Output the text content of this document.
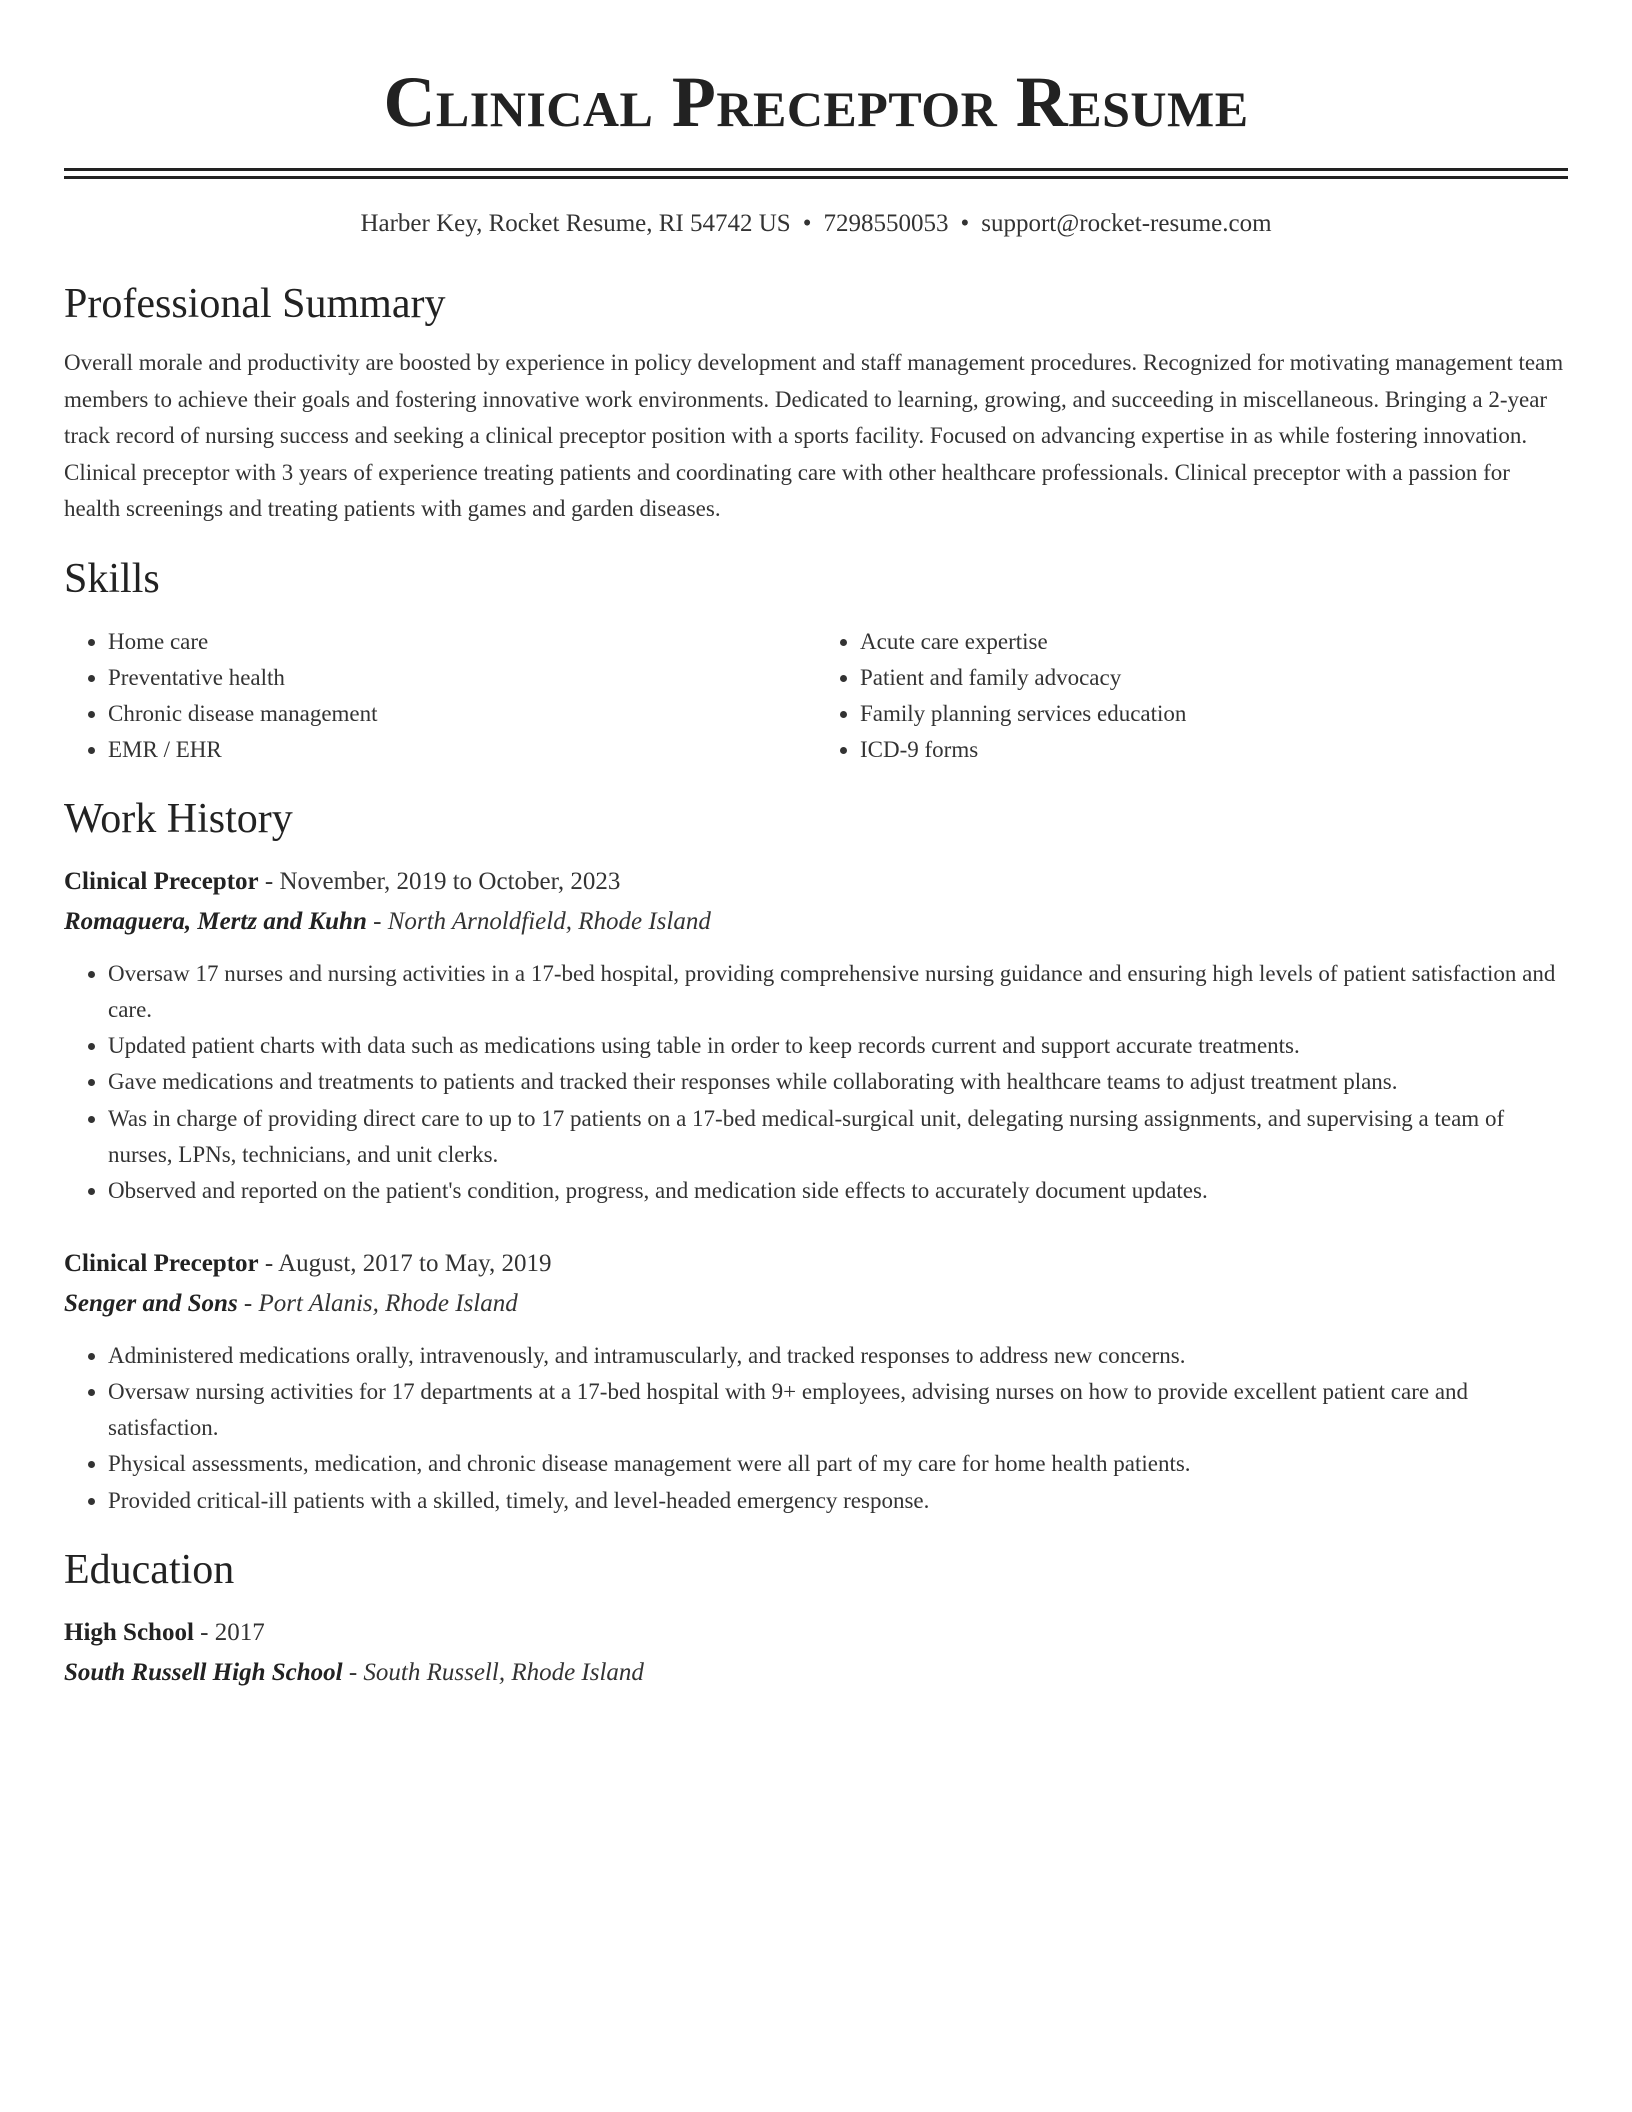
Clinical Preceptor Resume
Harber Key, Rocket Resume, RI 54742 US • 7298550053 • support@rocket-resume.com
Professional Summary

Overall morale and productivity are boosted by experience in policy development and staff management procedures. Recognized for motivating management team members to achieve their goals and fostering innovative work environments. Dedicated to learning, growing, and succeeding in miscellaneous. Bringing a 2-year track record of nursing success and seeking a clinical preceptor position with a sports facility. Focused on advancing expertise in as while fostering innovation. Clinical preceptor with 3 years of experience treating patients and coordinating care with other healthcare professionals. Clinical preceptor with a passion for health screenings and treating patients with games and garden diseases.

Skills
• Home care
• Preventative health
• Chronic disease management
• EMR / EHR
• Acute care expertise
• Patient and family advocacy
• Family planning services education
• ICD-9 forms
Work History
Clinical Preceptor - November, 2019 to October, 2023
Romaguera, Mertz and Kuhn - North Arnoldfield, Rhode Island
• Oversaw 17 nurses and nursing activities in a 17-bed hospital, providing comprehensive nursing guidance and ensuring high levels of patient satisfaction and care.
• Updated patient charts with data such as medications using table in order to keep records current and support accurate treatments.
• Gave medications and treatments to patients and tracked their responses while collaborating with healthcare teams to adjust treatment plans.
• Was in charge of providing direct care to up to 17 patients on a 17-bed medical-surgical unit, delegating nursing assignments, and supervising a team of nurses, LPNs, technicians, and unit clerks.
• Observed and reported on the patient's condition, progress, and medication side effects to accurately document updates.
Clinical Preceptor - August, 2017 to May, 2019
Senger and Sons - Port Alanis, Rhode Island
• Administered medications orally, intravenously, and intramuscularly, and tracked responses to address new concerns.
• Oversaw nursing activities for 17 departments at a 17-bed hospital with 9+ employees, advising nurses on how to provide excellent patient care and satisfaction.
• Physical assessments, medication, and chronic disease management were all part of my care for home health patients.
• Provided critical-ill patients with a skilled, timely, and level-headed emergency response.
Education
High School - 2017
South Russell High School - South Russell, Rhode Island
